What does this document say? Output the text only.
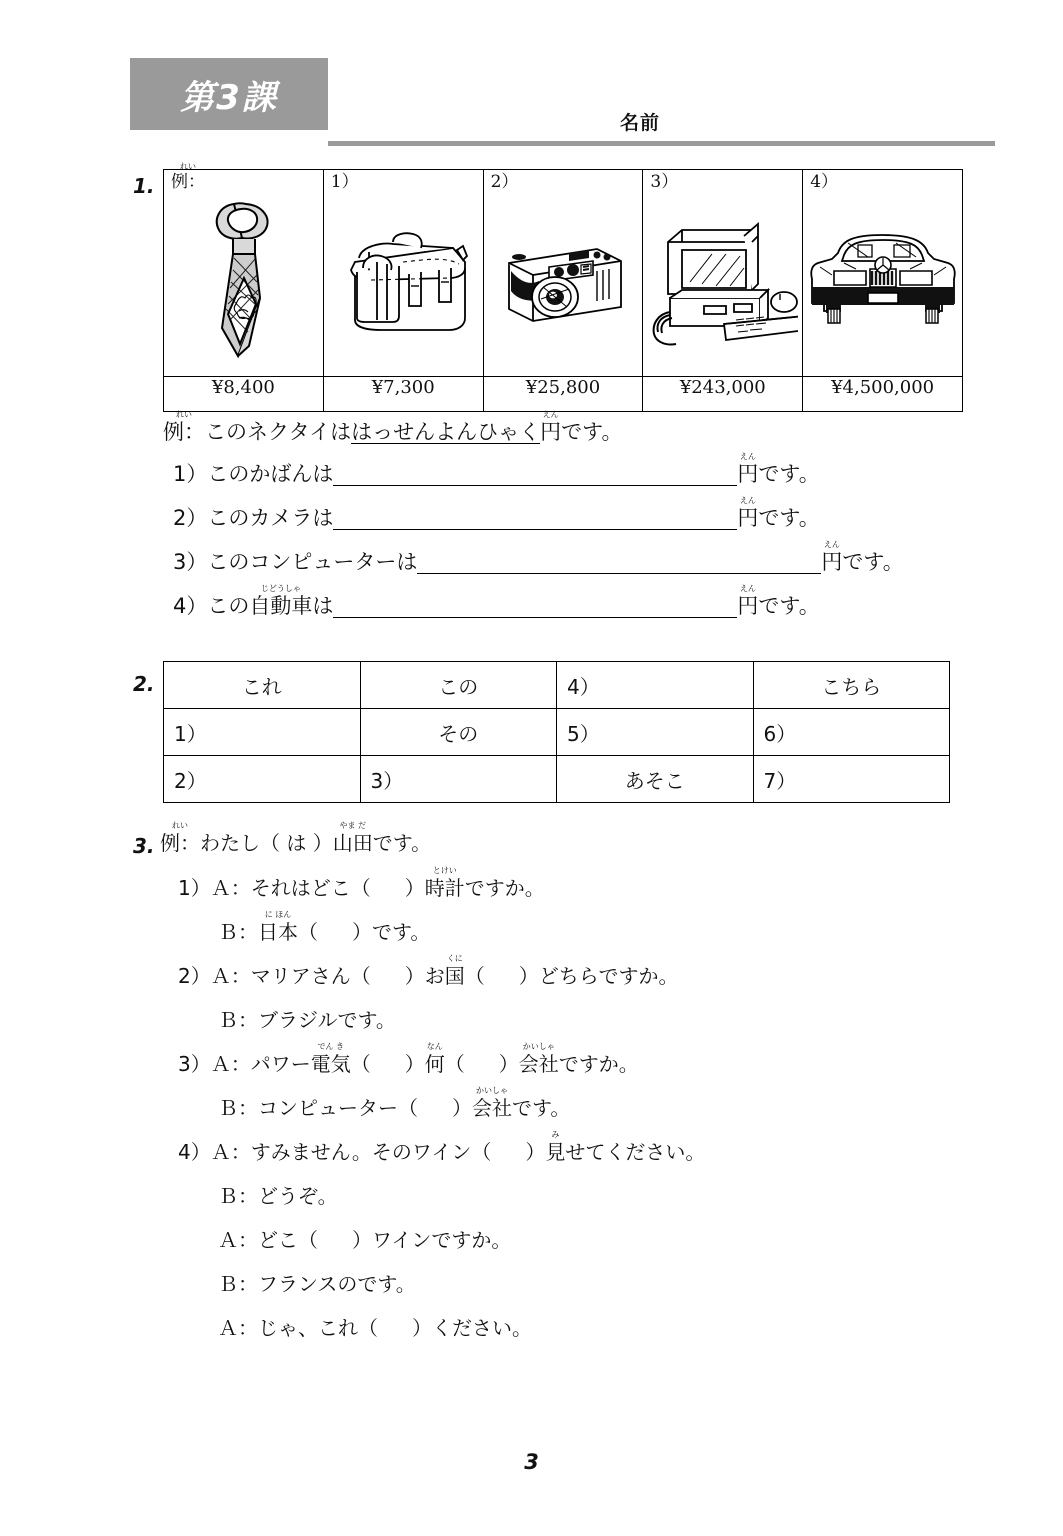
第3課
名前
1.
れい
例：	1）	2）	3）	4）

¥8,400	¥7,300	¥25,800	¥243,000	¥4,500,000
れい
例：このネクタイははっせんよんひゃく
えん
円です。
1）このかばんは
えん
円です。
2）このカメラは
えん
円です。
3）このコンピューターは
えん
円です。
4）この
じどうしゃ
自動車は
えん
円です。
2.	これ	この	4）	こちら
1）	その	5）	6）
2）	3）	あそこ	7）
3.
れい
例：わたし（ は ）
やま だ
山田です。
1）Ａ：それはどこ（ ）
とけい
時計ですか。
Ｂ：
に ほん
日本（ ）です。
2）Ａ：マリアさん（ ）お
くに
国（ ）どちらですか。
Ｂ：ブラジルです。
3）Ａ：パワー
でん き
電気（ ）
なん
何（ ）
かいしゃ
会社ですか。
Ｂ：コンピューター（ ）
かいしゃ
会社です。
4）Ａ：すみません。そのワイン（ ）
み
見せてください。
Ｂ：どうぞ。
Ａ：どこ（ ）ワインですか。
Ｂ：フランスのです。
Ａ：じゃ、これ（ ）ください。
3
